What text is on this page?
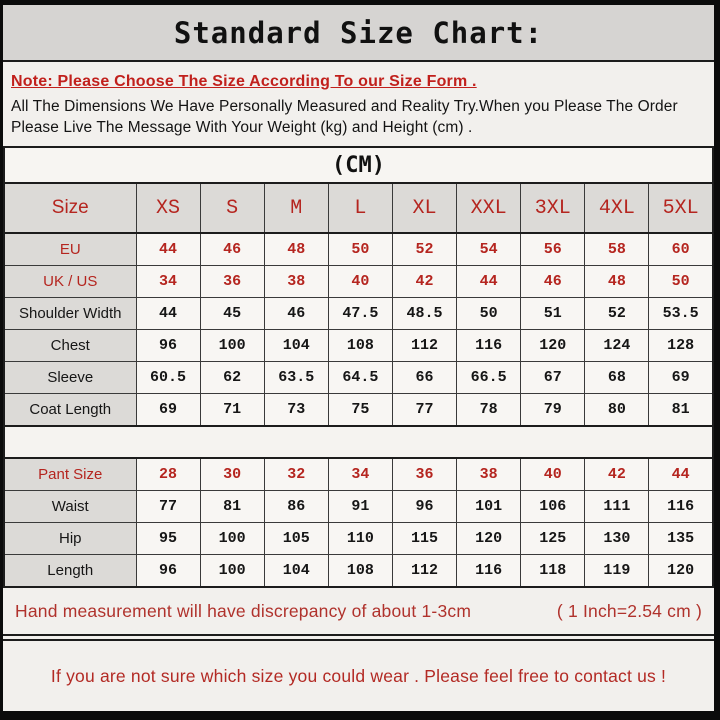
Standard Size Chart:
Note: Please Choose The Size According To our Size Form .
All The Dimensions We Have Personally Measured and Reality Try.When you Please The Order
Please Live The Message With Your Weight (kg) and Height (cm) .
(CM)									
Size	XS	S	M	L	XL	XXL	3XL	4XL	5XL
EU	44	46	48	50	52	54	56	58	60
UK / US	34	36	38	40	42	44	46	48	50
Shoulder Width	44	45	46	47.5	48.5	50	51	52	53.5
Chest	96	100	104	108	112	116	120	124	128
Sleeve	60.5	62	63.5	64.5	66	66.5	67	68	69
Coat Length	69	71	73	75	77	78	79	80	81

Pant Size	28	30	32	34	36	38	40	42	44
Waist	77	81	86	91	96	101	106	111	116
Hip	95	100	105	110	115	120	125	130	135
Length	96	100	104	108	112	116	118	119	120
Hand measurement will have discrepancy of about 1-3cm	( 1 Inch=2.54 cm )
If you are not sure which size you could wear . Please feel free to contact us !
